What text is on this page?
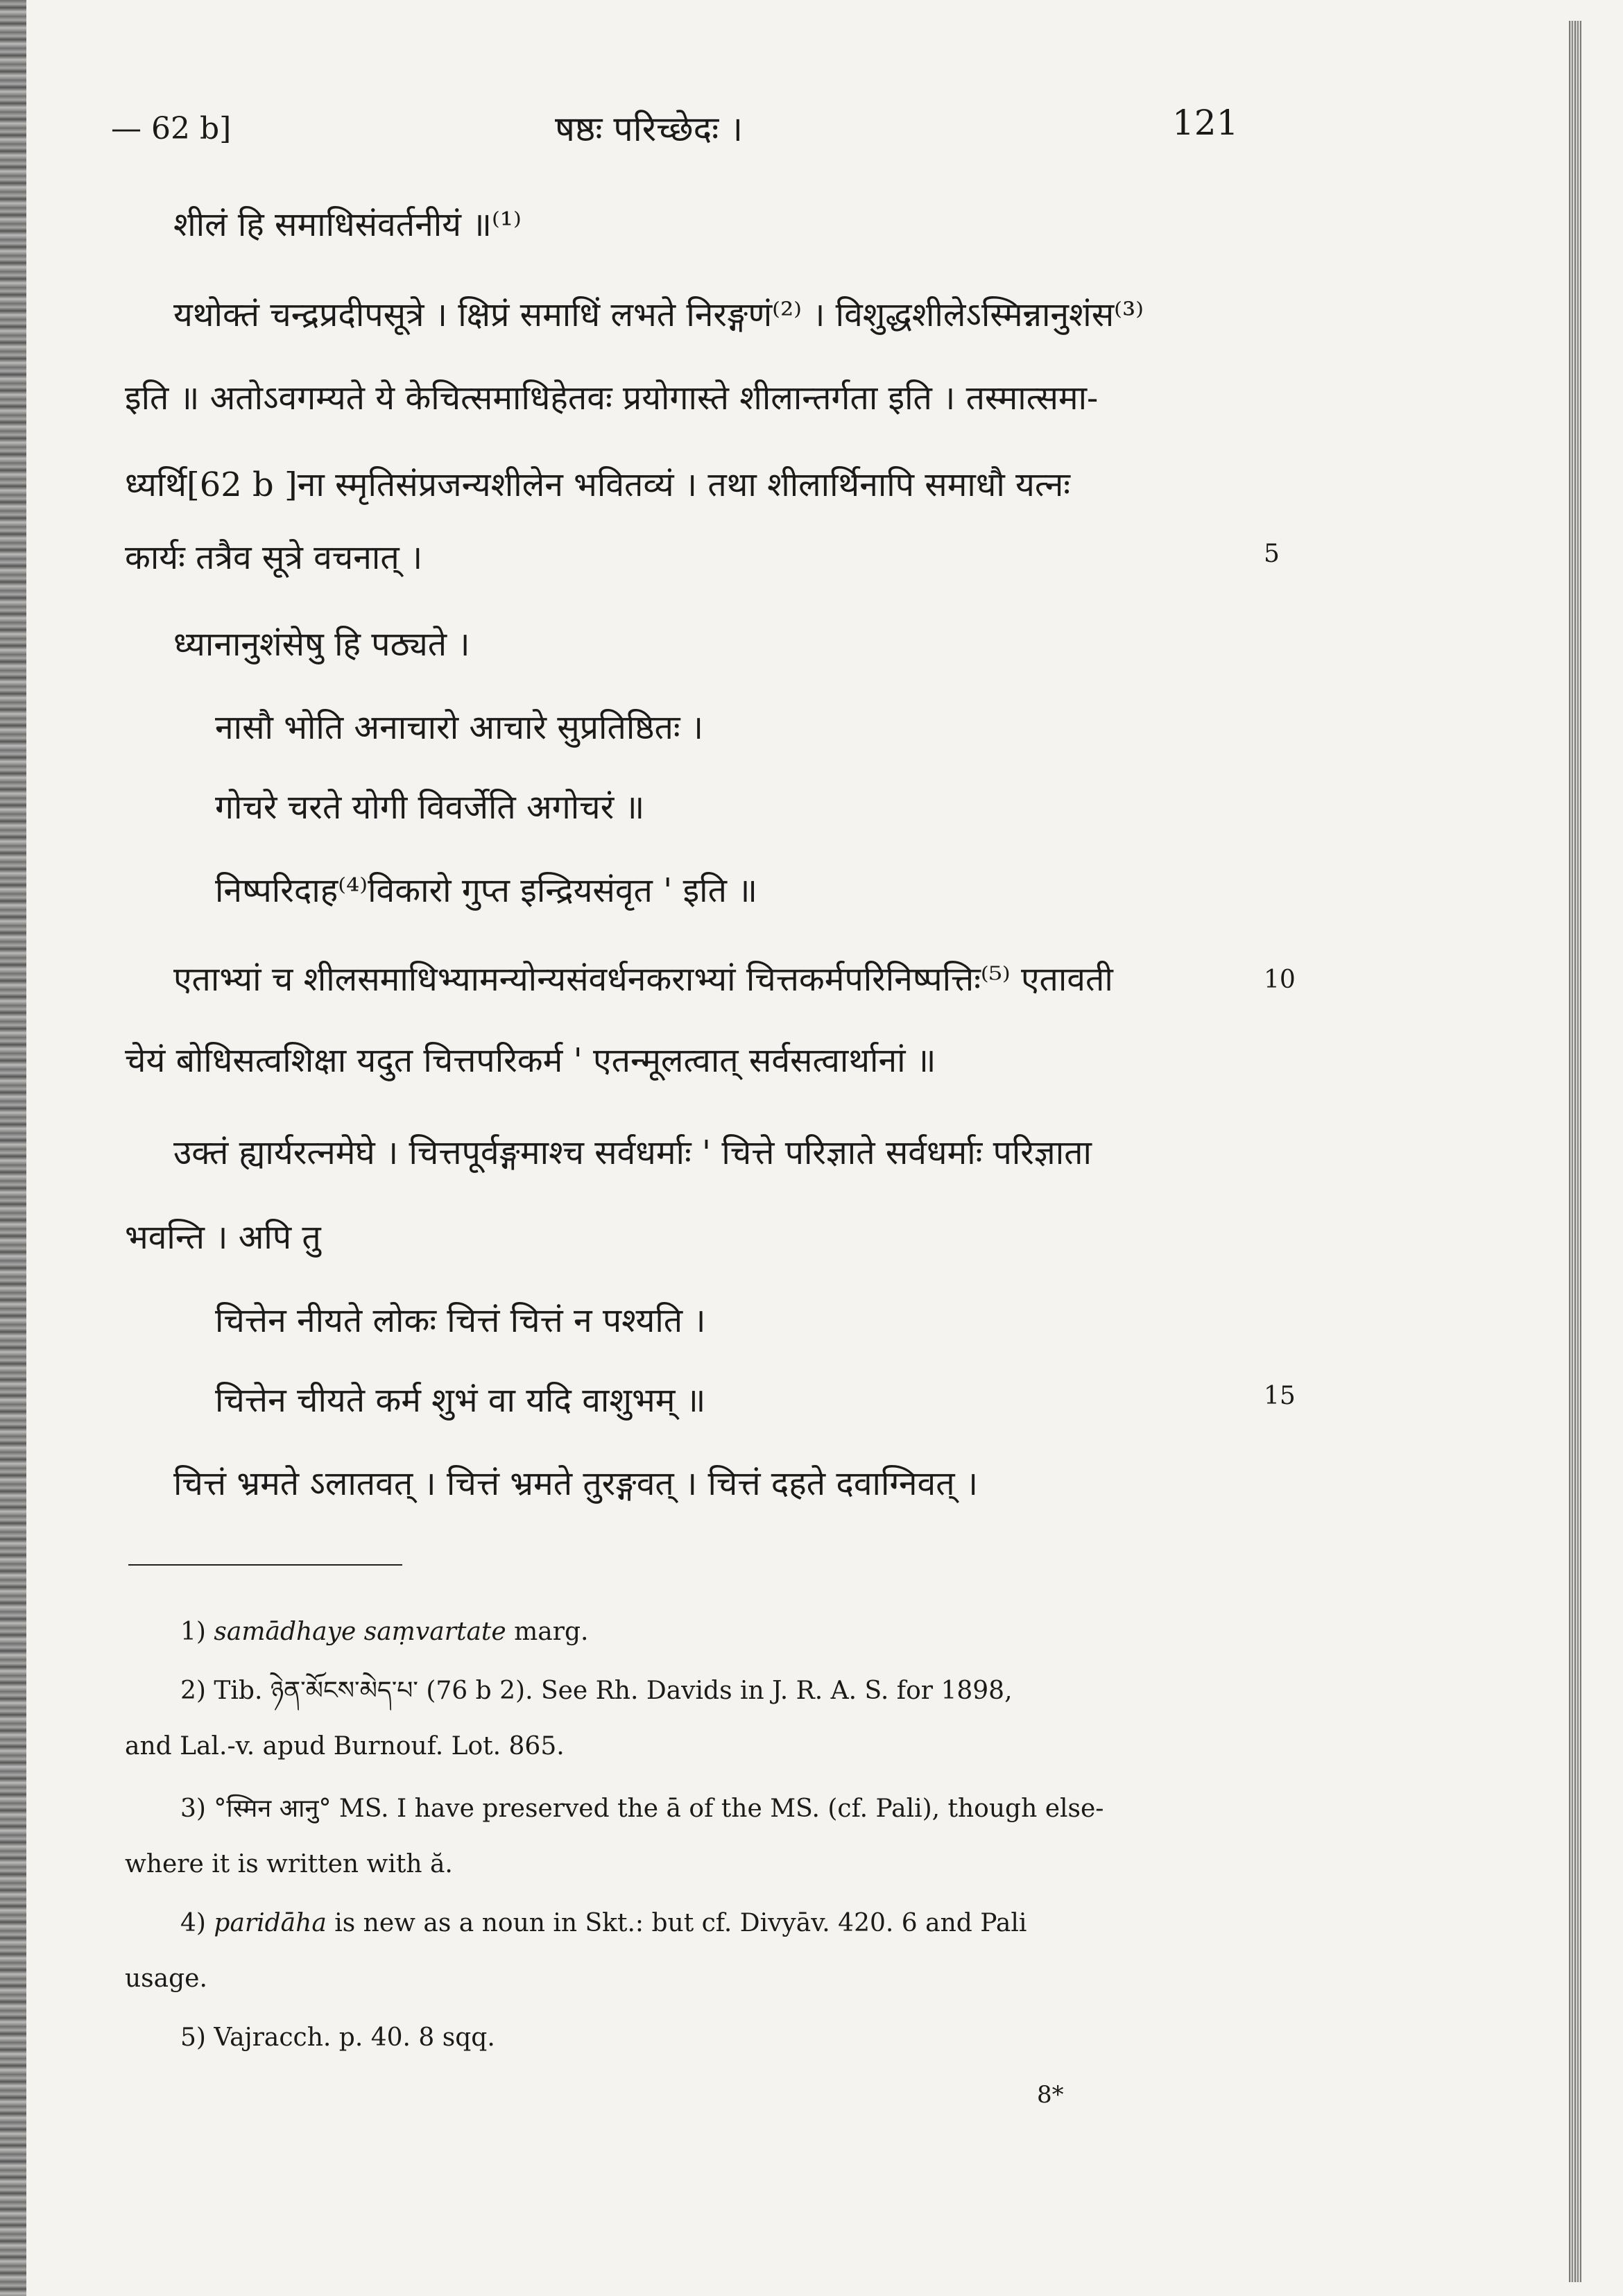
— 62 b]	षष्ठः परिच्छेदः ।	121
शीलं हि समाधिसंवर्तनीयं ॥⁽¹⁾
यथोक्तं चन्द्रप्रदीपसूत्रे । क्षिप्रं समाधिं लभते निरङ्गणं⁽²⁾ । विशुद्धशीलेऽस्मिन्नानुशंस⁽³⁾
इति ॥ अतोऽवगम्यते ये केचित्समाधिहेतवः प्रयोगास्ते शीलान्तर्गता इति । तस्मात्समा-
ध्यर्थि[62 b ]ना स्मृतिसंप्रजन्यशीलेन भवितव्यं । तथा शीलार्थिनापि समाधौ यत्नः
कार्यः तत्रैव सूत्रे वचनात् ।	5
ध्यानानुशंसेषु हि पठ्यते ।
नासौ भोति अनाचारो आचारे सुप्रतिष्ठितः ।
गोचरे चरते योगी विवर्जेति अगोचरं ॥
निष्परिदाह⁽⁴⁾विकारो गुप्त इन्द्रियसंवृत ' इति ॥
एताभ्यां च शीलसमाधिभ्यामन्योन्यसंवर्धनकराभ्यां चित्तकर्मपरिनिष्पत्तिः⁽⁵⁾ एतावती	10
चेयं बोधिसत्वशिक्षा यदुत चित्तपरिकर्म ' एतन्मूलत्वात् सर्वसत्वार्थानां ॥
उक्तं ह्यार्यरत्नमेघे । चित्तपूर्वङ्गमाश्च सर्वधर्माः ' चित्ते परिज्ञाते सर्वधर्माः परिज्ञाता
भवन्ति । अपि तु
चित्तेन नीयते लोकः चित्तं चित्तं न पश्यति ।
चित्तेन चीयते कर्म शुभं वा यदि वाशुभम् ॥	15
चित्तं भ्रमते ऽलातवत् । चित्तं भ्रमते तुरङ्गवत् । चित्तं दहते दवाग्निवत् ।
1) samādhaye saṃvartate marg.
2) Tib. ཉེན་མོངས་མེད་པ་ (76 b 2). See Rh. Davids in J. R. A. S. for 1898,
and Lal.-v. apud Burnouf. Lot. 865.
3) °स्मिन आनु° MS. I have preserved the ā of the MS. (cf. Pali), though else-
where it is written with ă.
4) paridāha is new as a noun in Skt.: but cf. Divyāv. 420. 6 and Pali
usage.
5) Vajracch. p. 40. 8 sqq.
8*
